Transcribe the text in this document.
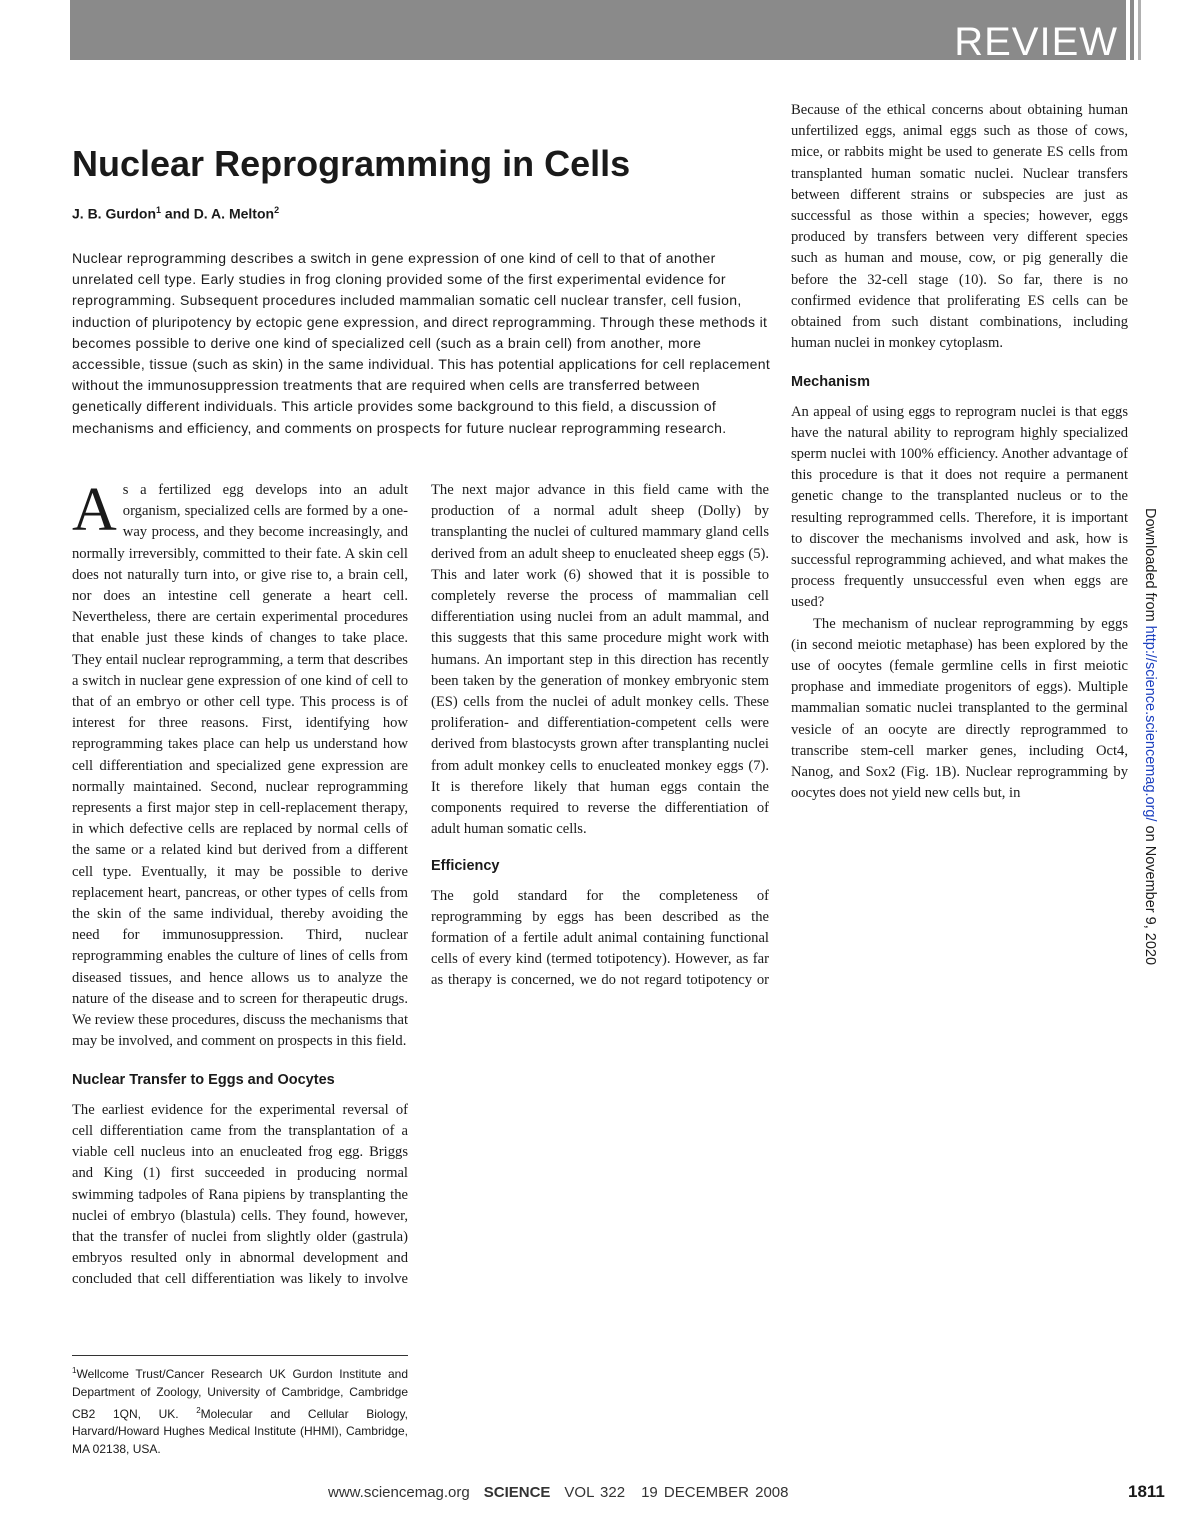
REVIEW
Nuclear Reprogramming in Cells
J. B. Gurdon$^1$ and D. A. Melton$^2$

Nuclear reprogramming describes a switch in gene expression of one kind of cell to that of another unrelated cell type. Early studies in frog cloning provided some of the first experimental evidence for reprogramming. Subsequent procedures included mammalian somatic cell nuclear transfer, cell fusion, induction of pluripotency by ectopic gene expression, and direct reprogramming. Through these methods it becomes possible to derive one kind of specialized cell (such as a brain cell) from another, more accessible, tissue (such as skin) in the same individual. This has potential applications for cell replacement without the immunosuppression treatments that are required when cells are transferred between genetically different individuals. This article provides some background to this field, a discussion of mechanisms and efficiency, and comments on prospects for future nuclear reprogramming research.

As a fertilized egg develops into an adult organism, specialized cells are formed by a one-way process, and they become increasingly, and normally irreversibly, committed to their fate. A skin cell does not naturally turn into, or give rise to, a brain cell, nor does an intestine cell generate a heart cell. Nevertheless, there are certain experimental procedures that enable just these kinds of changes to take place. They entail nuclear reprogramming, a term that describes a switch in nuclear gene expression of one kind of cell to that of an embryo or other cell type. This process is of interest for three reasons. First, identifying how reprogramming takes place can help us understand how cell differentiation and specialized gene expression are normally maintained. Second, nuclear reprogramming represents a first major step in cell-replacement therapy, in which defective cells are replaced by normal cells of the same or a related kind but derived from a different cell type. Eventually, it may be possible to derive replacement heart, pancreas, or other types of cells from the skin of the same individual, thereby avoiding the need for immunosuppression. Third, nuclear reprogramming enables the culture of lines of cells from diseased tissues, and hence allows us to analyze the nature of the disease and to screen for therapeutic drugs. We review these procedures, discuss the mechanisms that may be involved, and comment on prospects in this field.

Nuclear Transfer to Eggs and Oocytes

The earliest evidence for the experimental reversal of cell differentiation came from the transplantation of a viable cell nucleus into an enucleated frog egg. Briggs and King (1) first succeeded in producing normal swimming tadpoles of Rana pipiens by transplanting the nuclei of embryo (blastula) cells. They found, however, that the transfer of nuclei from slightly older (gastrula) embryos resulted only in abnormal development and concluded that cell differentiation was likely to involve

The next major advance in this field came with the production of a normal adult sheep (Dolly) by transplanting the nuclei of cultured mammary gland cells derived from an adult sheep to enucleated sheep eggs (5). This and later work (6) showed that it is possible to completely reverse the process of mammalian cell differentiation using nuclei from an adult mammal, and this suggests that this same procedure might work with humans. An important step in this direction has recently been taken by the generation of monkey embryonic stem (ES) cells from the nuclei of adult monkey cells. These proliferation- and differentiation-competent cells were derived from blastocysts grown after transplanting nuclei from adult monkey cells to enucleated monkey eggs (7). It is therefore likely that human eggs contain the components required to reverse the differentiation of adult human somatic cells.

Efficiency

The gold standard for the completeness of reprogramming by eggs has been described as the formation of a fertile adult animal containing functional cells of every kind (termed totipotency). However, as far as therapy is concerned, we do not regard totipotency or

Because of the ethical concerns about obtaining human unfertilized eggs, animal eggs such as those of cows, mice, or rabbits might be used to generate ES cells from transplanted human somatic nuclei. Nuclear transfers between different strains or subspecies are just as successful as those within a species; however, eggs produced by transfers between very different species such as human and mouse, cow, or pig generally die before the 32-cell stage (10). So far, there is no confirmed evidence that proliferating ES cells can be obtained from such distant combinations, including human nuclei in monkey cytoplasm.

Mechanism

An appeal of using eggs to reprogram nuclei is that eggs have the natural ability to reprogram highly specialized sperm nuclei with 100% efficiency. Another advantage of this procedure is that it does not require a permanent genetic change to the transplanted nucleus or to the resulting reprogrammed cells. Therefore, it is important to discover the mechanisms involved and ask, how is successful reprogramming achieved, and what makes the process frequently unsuccessful even when eggs are used?

The mechanism of nuclear reprogramming by eggs (in second meiotic metaphase) has been explored by the use of oocytes (female germline cells in first meiotic prophase and immediate progenitors of eggs). Multiple mammalian somatic nuclei transplanted to the germinal vesicle of an oocyte are directly reprogrammed to transcribe stem-cell marker genes, including Oct4, Nanog, and Sox2 (Fig. 1B). Nuclear reprogramming by oocytes does not yield new cells but, in

$^1$Wellcome Trust/Cancer Research UK Gurdon Institute and Department of Zoology, University of Cambridge, Cambridge CB2 1QN, UK. $^2$Molecular and Cellular Biology, Harvard/Howard Hughes Medical Institute (HHMI), Cambridge, MA 02138, USA.

Downloaded from http://science.sciencemag.org/ on November 9, 2020
www.sciencemag.org SCIENCE VOL 322 19 DECEMBER 2008	1811
